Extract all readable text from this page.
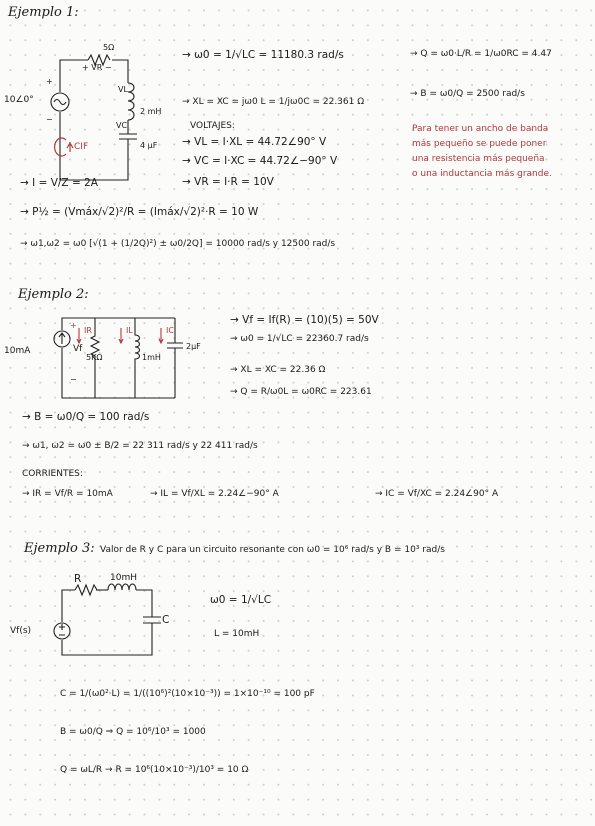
Ejemplo 1:
5Ω
+ VR −
VL
2 mH
VC
4 µF
10∠0°
+
−
CIF
→ I = V/Z = 2A
→ P½ = (Vmáx/√2)²/R = (Imáx/√2)²·R = 10 W
→ ω1,ω2 = ω0 [√(1 + (1/2Q)²) ± ω0/2Q] = 10000 rad/s y 12500 rad/s
→ ω0 = 1/√LC = 11180.3 rad/s
→ XL = XC = jω0 L = 1/jω0C = 22.361 Ω
VOLTAJES:
→ VL = I·XL = 44.72∠90° V
→ VC = I·XC = 44.72∠−90° V
→ VR = I·R = 10V
→ Q = ω0·L/R = 1/ω0RC = 4.47
→ B = ω0/Q = 2500 rad/s
Para tener un ancho de banda
más pequeño se puede poner
una resistencia más pequeña
o una inductancia más grande.
Ejemplo 2:
10mA	Vf
+
−
5KΩ	1mH
2µF
IR	IL	IC
→ Vf = If(R) = (10)(5) = 50V
→ ω0 = 1/√LC = 22360.7 rad/s
→ XL = XC = 22.36 Ω
→ Q = R/ω0L = ω0RC = 223.61
→ B = ω0/Q = 100 rad/s
→ ω1, ω2 = ω0 ± B/2 = 22 311 rad/s y 22 411 rad/s
CORRIENTES:
→ IR = Vf/R = 10mA	→ IL = Vf/XL = 2.24∠−90° A	→ IC = Vf/XC = 2.24∠90° A
Ejemplo 3: Valor de R y C para un circuito resonante con ω0 = 10⁶ rad/s y B = 10³ rad/s
R	10mH
C
Vf(s)
ω0 = 1/√LC
L = 10mH
C = 1/(ω0²·L) = 1/((10⁶)²(10×10⁻³)) = 1×10⁻¹⁰ = 100 pF
B = ω0/Q ⇒ Q = 10⁶/10³ = 1000
Q = ωL/R → R = 10⁶(10×10⁻³)/10³ = 10 Ω
